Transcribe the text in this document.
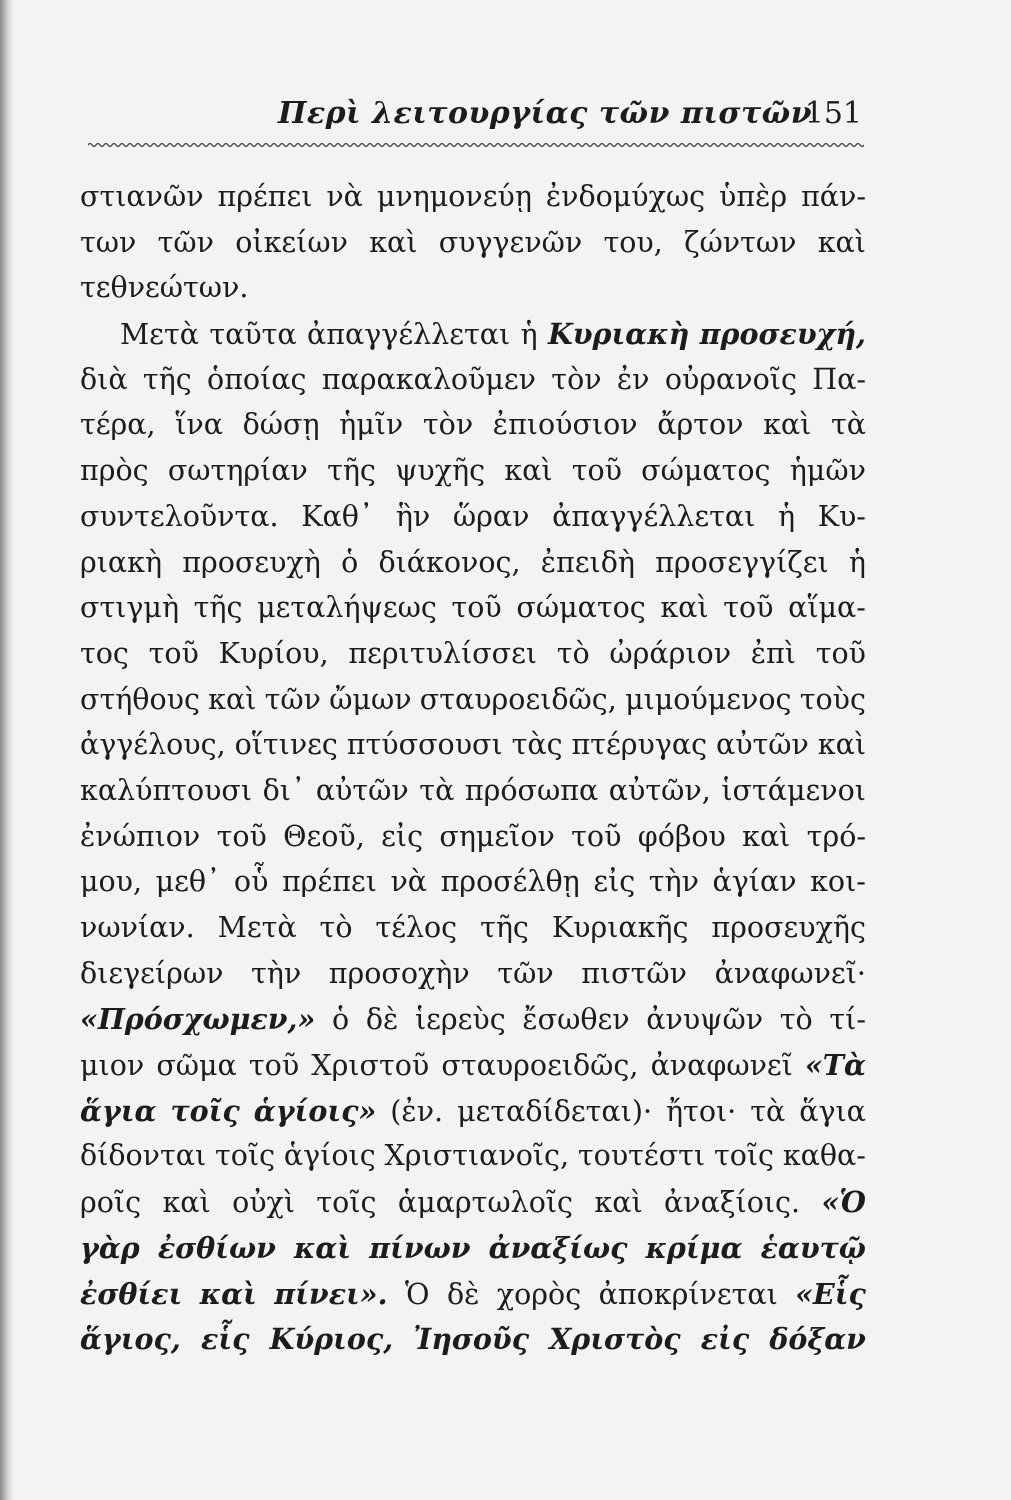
Περὶ λειτουργίας τῶν πιστῶν
151
στιανῶν πρέπει νὰ μνημονεύῃ ἐνδομύχως ὑπὲρ πάν-
των τῶν οἰκείων καὶ συγγενῶν του, ζώντων καὶ
τεθνεώτων.
Μετὰ ταῦτα ἀπαγγέλλεται ἡ Κυριακὴ προσευχή,
διὰ τῆς ὁποίας παρακαλοῦμεν τὸν ἐν οὐρανοῖς Πα-
τέρα, ἵνα δώσῃ ἡμῖν τὸν ἐπιούσιον ἄρτον καὶ τὰ
πρὸς σωτηρίαν τῆς ψυχῆς καὶ τοῦ σώματος ἡμῶν
συντελοῦντα. Καθ᾽ ἣν ὥραν ἀπαγγέλλεται ἡ Κυ-
ριακὴ προσευχὴ ὁ διάκονος, ἐπειδὴ προσεγγίζει ἡ
στιγμὴ τῆς μεταλήψεως τοῦ σώματος καὶ τοῦ αἵμα-
τος τοῦ Κυρίου, περιτυλίσσει τὸ ὠράριον ἐπὶ τοῦ
στήθους καὶ τῶν ὤμων σταυροειδῶς, μιμούμενος τοὺς
ἀγγέλους, οἵτινες πτύσσουσι τὰς πτέρυγας αὐτῶν καὶ
καλύπτουσι δι᾽ αὐτῶν τὰ πρόσωπα αὐτῶν, ἱστάμενοι
ἐνώπιον τοῦ Θεοῦ, εἰς σημεῖον τοῦ φόβου καὶ τρό-
μου, μεθ᾽ οὗ πρέπει νὰ προσέλθῃ εἰς τὴν ἁγίαν κοι-
νωνίαν. Μετὰ τὸ τέλος τῆς Κυριακῆς προσευχῆς
διεγείρων τὴν προσοχὴν τῶν πιστῶν ἀναφωνεῖ·
«Πρόσχωμεν,» ὁ δὲ ἱερεὺς ἔσωθεν ἀνυψῶν τὸ τί-
μιον σῶμα τοῦ Χριστοῦ σταυροειδῶς, ἀναφωνεῖ «Τὰ
ἅγια τοῖς ἁγίοις» (ἐν. μεταδίδεται)· ἤτοι· τὰ ἅγια
δίδονται τοῖς ἁγίοις Χριστιανοῖς, τουτέστι τοῖς καθα-
ροῖς καὶ οὐχὶ τοῖς ἁμαρτωλοῖς καὶ ἀναξίοις. «Ὁ
γὰρ ἐσθίων καὶ πίνων ἀναξίως κρίμα ἑαυτῷ
ἐσθίει καὶ πίνει». Ὁ δὲ χορὸς ἀποκρίνεται «Εἷς
ἅγιος, εἷς Κύριος, Ἰησοῦς Χριστὸς εἰς δόξαν
